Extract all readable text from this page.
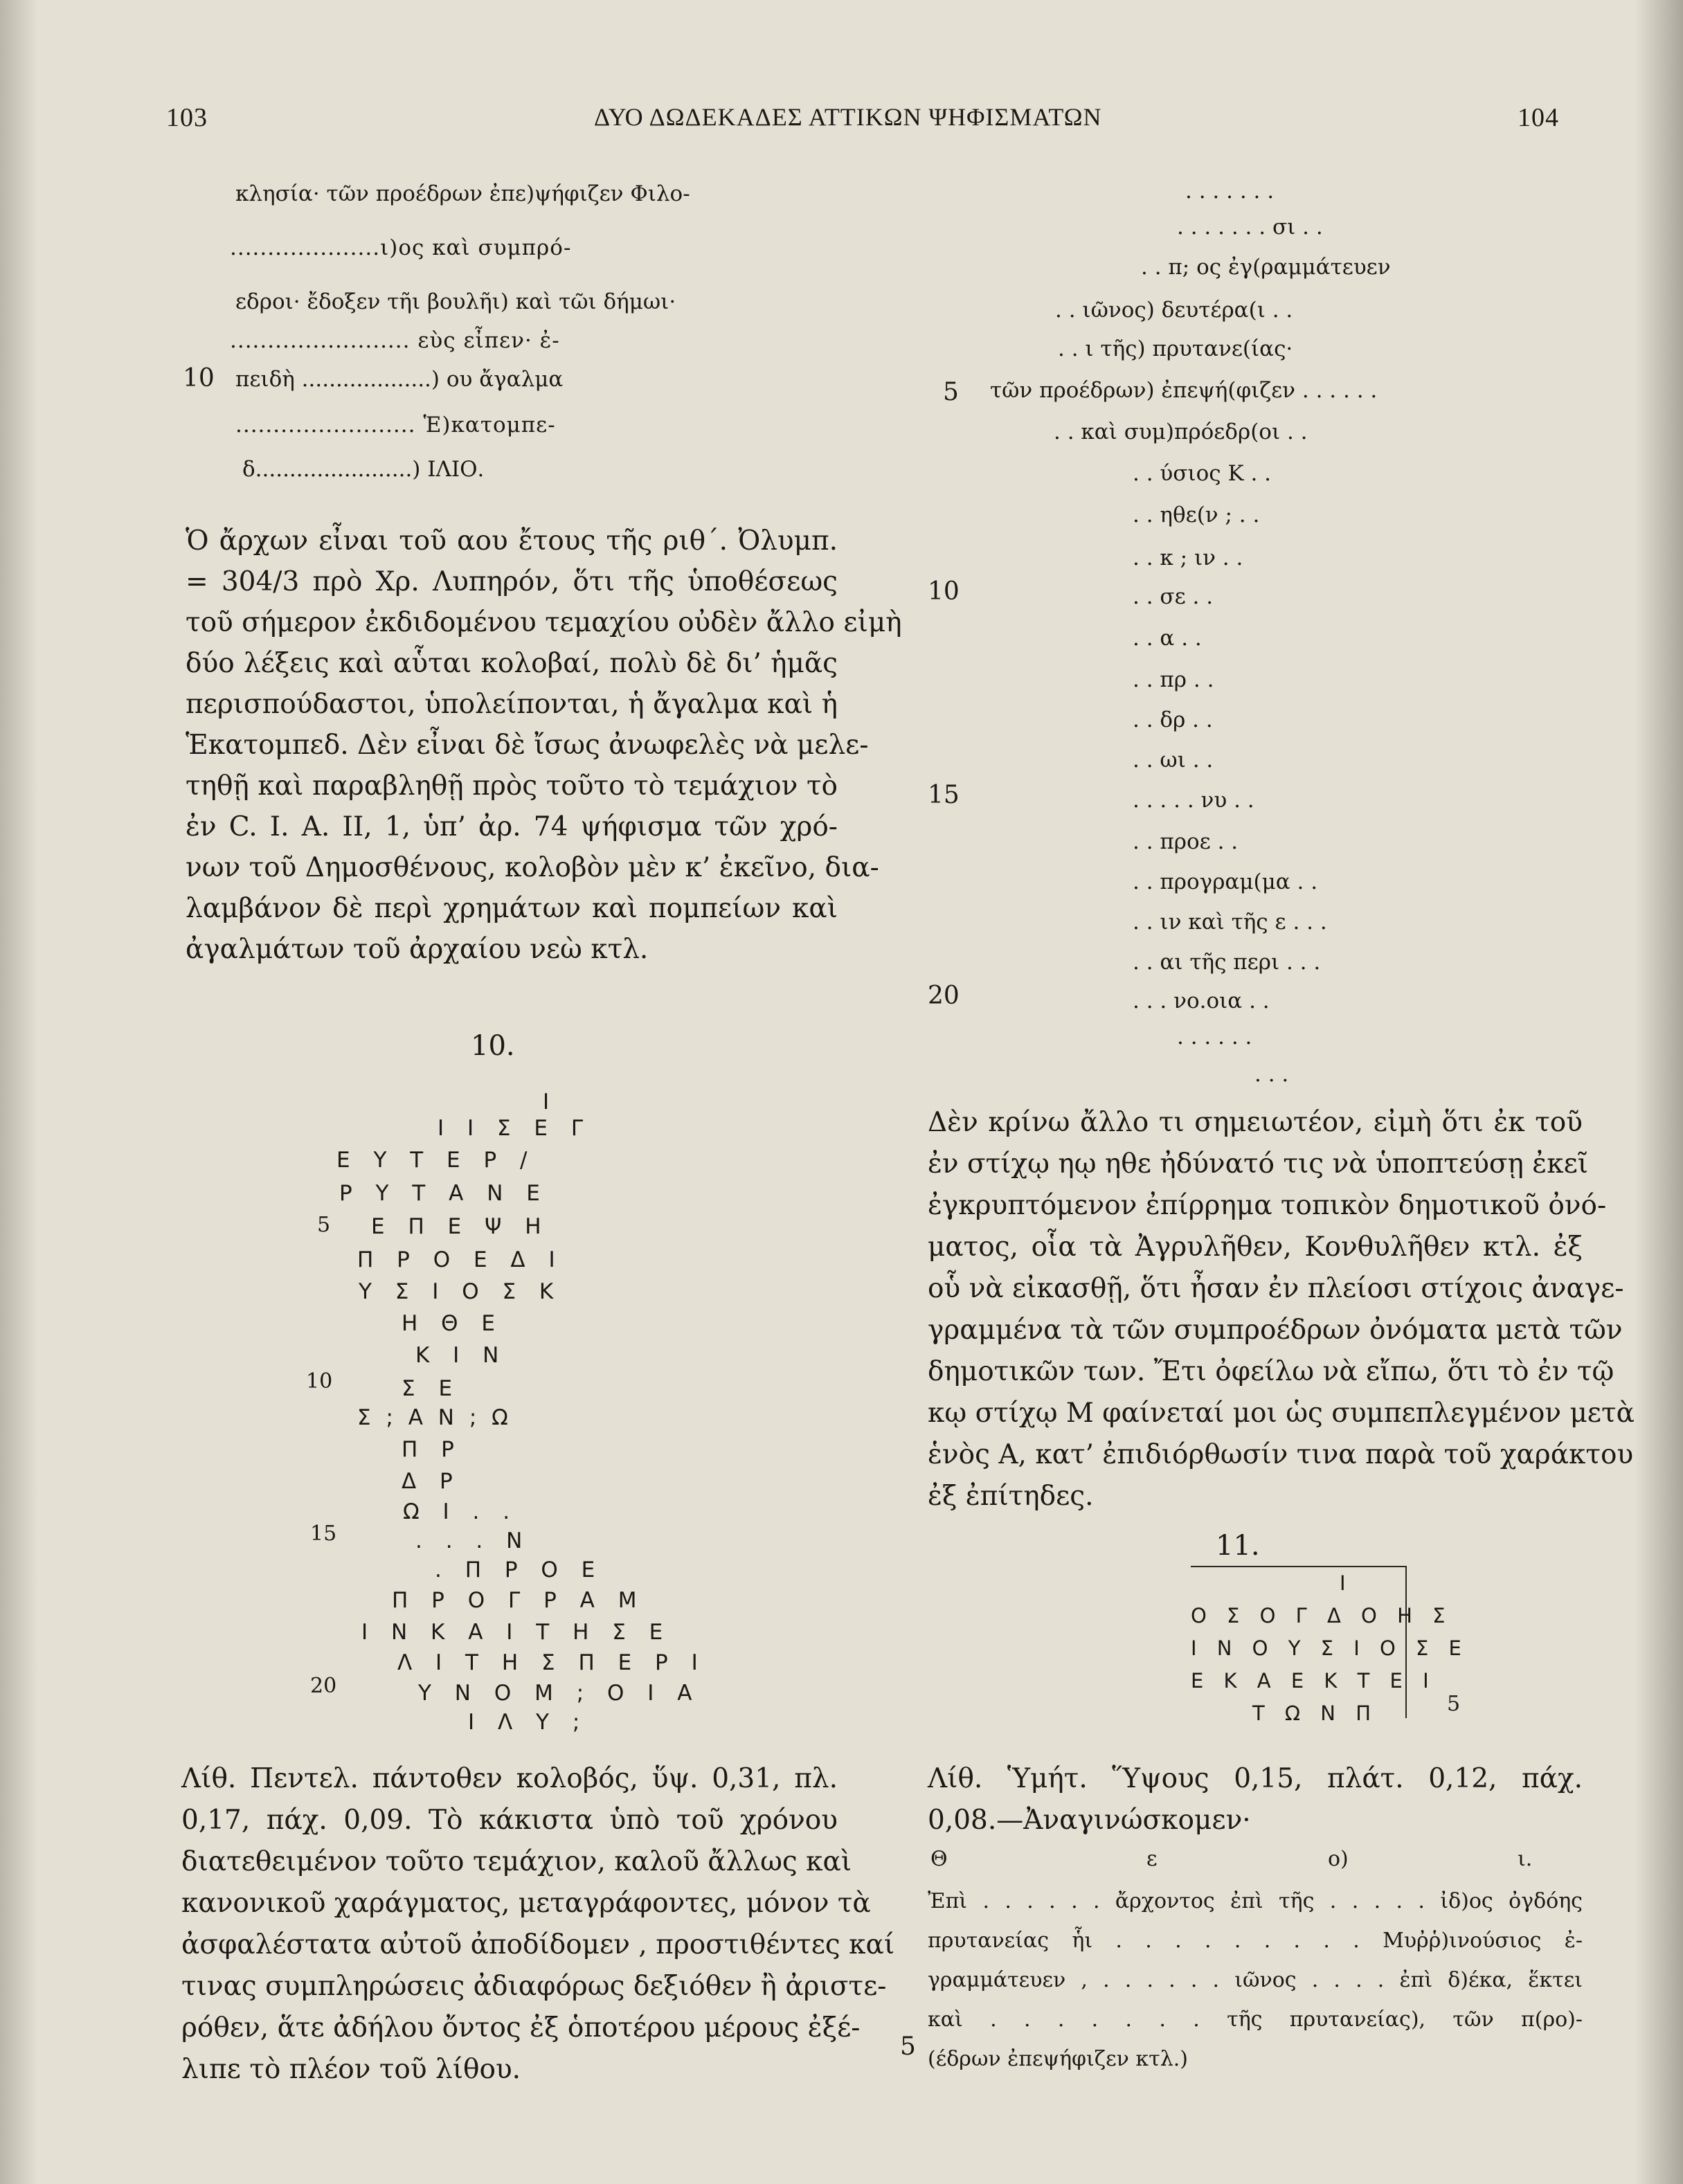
103	ΔΥΟ ΔΩΔΕΚΑΔΕΣ ΑΤΤΙΚΩΝ ΨΗΦΙΣΜΑΤΩΝ	104
κλησία· τῶν προέδρων ἐπε)ψήφιζεν Φιλο-
....................ι)ος καὶ συμπρό-
εδροι· ἔδοξεν τῆι βουλῆι) καὶ τῶι δήμωι·
........................ εὺς εἶπεν· ἐ-
πειδὴ ...................) ου ἄγαλμα
........................ Ἑ)κατομπε-
δ.......................) ΙΛΙΟ.
10

Ὁ ἄρχων εἶναι τοῦ αου ἔτους τῆς ριθ΄. Ὀλυμπ.

= 304/3 πρὸ Χρ. Λυπηρόν, ὅτι τῆς ὑποθέσεως

τοῦ σήμερον ἐκδιδομένου τεμαχίου οὐδὲν ἄλλο εἰμὴ

δύο λέξεις καὶ αὗται κολοβαί, πολὺ δὲ δι’ ἡμᾶς

περισπούδαστοι, ὑπολείπονται, ἡ ἄγαλμα καὶ ἡ

Ἑκατομπεδ. Δὲν εἶναι δὲ ἴσως ἀνωφελὲς νὰ μελε-

τηθῇ καὶ παραβληθῇ πρὸς τοῦτο τὸ τεμάχιον τὸ

ἐν C. I. A. II, 1, ὑπ’ ἀρ. 74 ψήφισμα τῶν χρό-

νων τοῦ Δημοσθένους, κολοβὸν μὲν κ’ ἐκεῖνο, δια-

λαμβάνον δὲ περὶ χρημάτων καὶ πομπείων καὶ

ἀγαλμάτων τοῦ ἀρχαίου νεὼ κτλ.

10.
Ι
Ι Ι Σ Ε Γ
Ε Υ Τ Ε Ρ /
Ρ Υ Τ Α Ν Ε
Ε Π Ε Ψ Η
Π Ρ Ο Ε Δ Ι
Υ Σ Ι Ο Σ Κ
Η Θ Ε
Κ Ι Ν
Σ Ε
Σ ; Α Ν ; Ω
Π Ρ
Δ Ρ
Ω Ι . .
. . . Ν
. Π Ρ Ο Ε
Π Ρ Ο Γ Ρ Α Μ
Ι Ν Κ Α Ι Τ Η Σ Ε
Λ Ι Τ Η Σ Π Ε Ρ Ι
Υ Ν Ο Μ ; Ο Ι Α
Ι Λ Υ ;
5
10
15
20

Λίθ. Πεντελ. πάντοθεν κολοβός, ὕψ. 0,31, πλ.

0,17, πάχ. 0,09. Τὸ κάκιστα ὑπὸ τοῦ χρόνου

διατεθειμένον τοῦτο τεμάχιον, καλοῦ ἄλλως καὶ

κανονικοῦ χαράγματος, μεταγράφοντες, μόνον τὰ

ἀσφαλέστατα αὐτοῦ ἀποδίδομεν , προστιθέντες καί

τινας συμπληρώσεις ἀδιαφόρως δεξιόθεν ἢ ἀριστε-

ρόθεν, ἅτε ἀδήλου ὄντος ἐξ ὁποτέρου μέρους ἐξέ-

λιπε τὸ πλέον τοῦ λίθου.

. . . . . . .
. . . . . . . σι . .
. . π; ος ἐγ(ραμμάτευεν
. . ιῶνος) δευτέρα(ι . .
. . ι τῆς) πρυτανε(ίας·
τῶν προέδρων) ἐπεψή(φιζεν . . . . . .
. . καὶ συμ)πρόεδρ(οι . .
. . ύσιος Κ . .
. . ηθε(ν ; . .
. . κ ; ιν . .
. . σε . .
. . α . .
. . πρ . .
. . δρ . .
. . ωι . .
. . . . . νυ . .
. . προε . .
. . προγραμ(μα . .
. . ιν καὶ τῆς ε . . .
. . αι τῆς περι . . .
. . . νο.οια . .
. . . . . .
. . .
5
10
15
20

Δὲν κρίνω ἄλλο τι σημειωτέον, εἰμὴ ὅτι ἐκ τοῦ

ἐν στίχῳ ηῳ ηθε ἠδύνατό τις νὰ ὑποπτεύσῃ ἐκεῖ

ἐγκρυπτόμενον ἐπίρρημα τοπικὸν δημοτικοῦ ὀνό-

ματος, οἷα τὰ Ἀγρυλῆθεν, Κονθυλῆθεν κτλ. ἐξ

οὗ νὰ εἰκασθῇ, ὅτι ἦσαν ἐν πλείοσι στίχοις ἀναγε-

γραμμένα τὰ τῶν συμπροέδρων ὀνόματα μετὰ τῶν

δημοτικῶν των. Ἔτι ὀφείλω νὰ εἴπω, ὅτι τὸ ἐν τῷ

κῳ στίχῳ Μ φαίνεταί μοι ὡς συμπεπλεγμένον μετὰ

ἑνὸς Α, κατ’ ἐπιδιόρθωσίν τινα παρὰ τοῦ χαράκτου

ἐξ ἐπίτηδες.

11.
Ι
Ο Σ Ο Γ Δ Ο Η Σ
Ι Ν Ο Υ Σ Ι Ο Σ Ε
Ε Κ Α Ε Κ Τ Ε Ι
Τ Ω Ν Π	5

Λίθ. Ὑμήτ. Ὕψους 0,15, πλάτ. 0,12, πάχ.

0,08.—Ἀναγινώσκομεν·

Θ	ε	ο)	ι.

Ἐπὶ . . . . . . ἄρχοντος ἐπὶ τῆς . . . . . ἰδ)ος ὀγδόης

πρυτανείας ἧι . . . . . . . . . Μυῤῥ)ινούσιος ἐ-

γραμμάτευεν , . . . . . . ιῶνος . . . . ἐπὶ δ)έκα, ἕκτει

καὶ . . . . . . . τῆς πρυτανείας), τῶν π(ρο)-

(έδρων ἐπεψήφιζεν κτλ.)

5
